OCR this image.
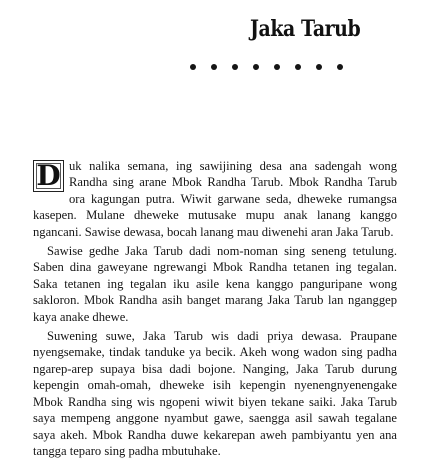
Jaka Tarub

D uk nalika semana, ing sawijining desa ana sadengah wong Randha sing arane Mbok Randha Tarub. Mbok Randha Tarub ora kagungan putra. Wiwit garwane seda, dheweke rumangsa kasepen. Mulane dheweke mutusake mupu anak lanang kanggo ngancani. Sawise dewasa, bocah lanang mau diwenehi aran Jaka Tarub.

Sawise gedhe Jaka Tarub dadi nom-noman sing seneng tetulung. Saben dina gaweyane ngrewangi Mbok Randha tetanen ing tegalan. Saka tetanen ing tegalan iku asile kena kanggo panguripane wong sakloron. Mbok Randha asih banget marang Jaka Tarub lan nganggep kaya anake dhewe.

Suwening suwe, Jaka Tarub wis dadi priya dewasa. Praupane nyengsemake, tindak tanduke ya becik. Akeh wong wadon sing padha ngarep-arep supaya bisa dadi bojone. Nanging, Jaka Tarub durung kepengin omah-omah, dheweke isih kepengin nyenengnyenengake Mbok Randha sing wis ngopeni wiwit biyen tekane saiki. Jaka Tarub saya mempeng anggone nyambut gawe, saengga asil sawah tegalane saya akeh. Mbok Randha duwe kekarepan aweh pambiyantu yen ana tangga teparo sing padha mbutuhake.
